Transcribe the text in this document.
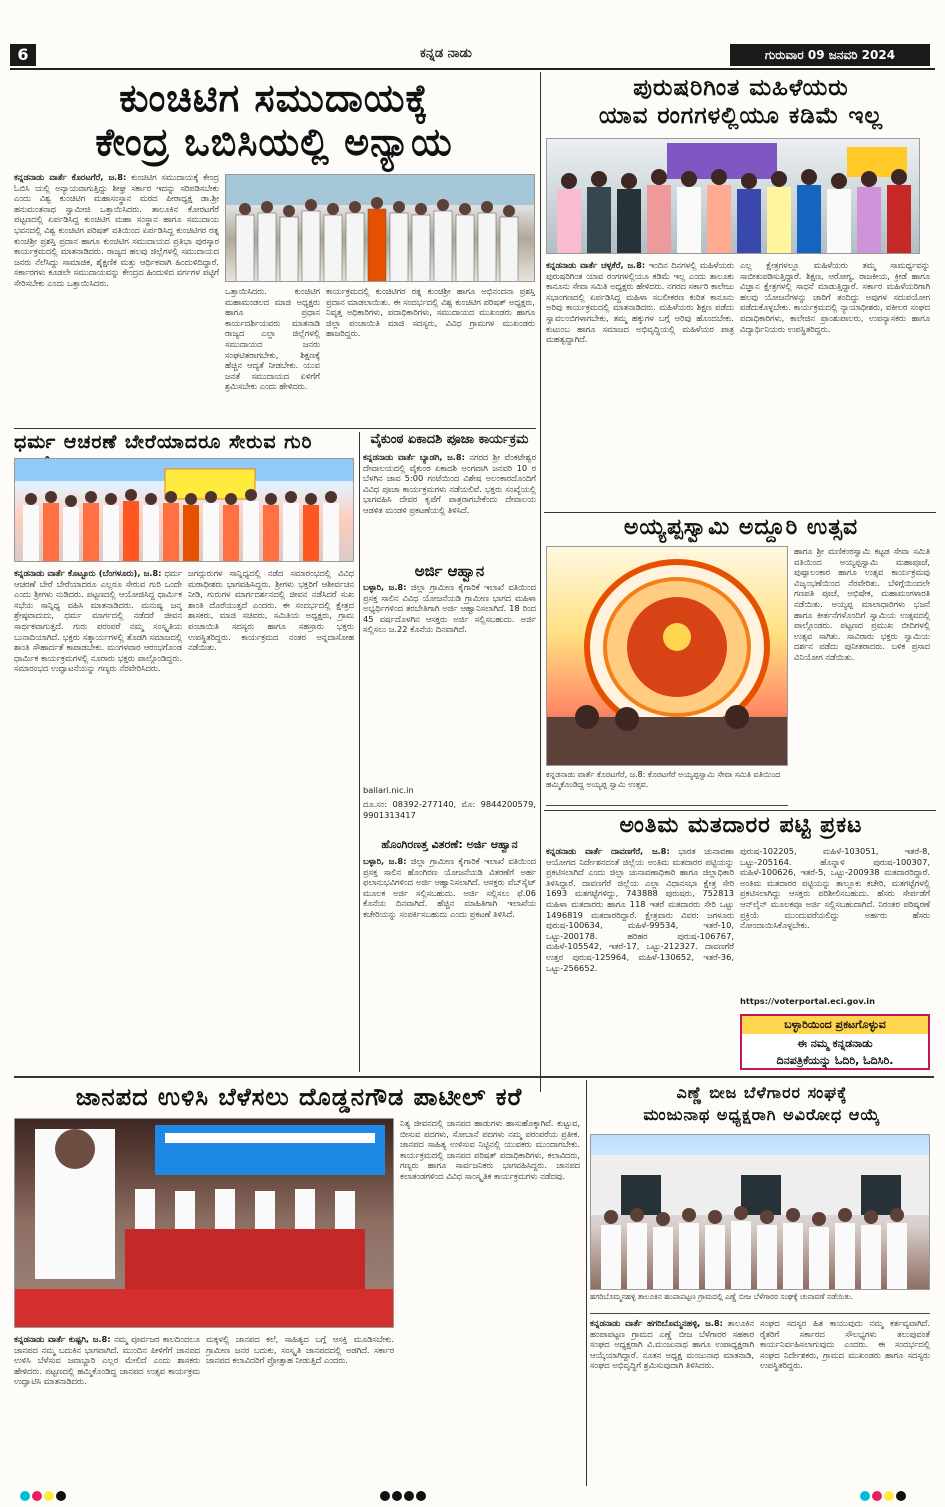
6	ಕನ್ನಡ ನಾಡು	ಗುರುವಾರ 09 ಜನವರಿ 2024
ಕುಂಚಿಟಿಗ ಸಮುದಾಯಕ್ಕೆ
ಕೇಂದ್ರ ಒಬಿಸಿಯಲ್ಲಿ ಅನ್ಯಾಯ
ಕನ್ನಡನಾಡು ವಾರ್ತೆ ಕೊರಟಗೆರೆ, ಜ.8: ಕುಂಚಿಟಿಗ ಸಮುದಾಯಕ್ಕೆ ಕೇಂದ್ರ ಓಬಿಸಿ ಯಲ್ಲಿ ಅನ್ಯಾಯವಾಗುತ್ತಿದ್ದು ಶೀಘ್ರ ಸರ್ಕಾರ ಇದನ್ನು ಸರಿಪಡಿಸಬೇಕು ಎಂದು ವಿಶ್ವ ಕುಂಚಿಟಿಗ ಮಹಾಸಂಸ್ಥಾನ ಮಠದ ಪೀಠಾಧ್ಯಕ್ಷ ಡಾ.ಶ್ರೀ ಹನುಮಂತನಾಥ ಸ್ವಾಮೀಜಿ ಒತ್ತಾಯಿಸಿದರು. ತಾಲೂಕಿನ ಕೋರಟಗೆರೆ ಪಟ್ಟಣದಲ್ಲಿ ಏರ್ಪಡಿಸಿದ್ದ ಕುಂಚಿಟಿಗ ಮಹಾ ಸಂಸ್ಥಾನ ಹಾಗೂ ಸಮುದಾಯ ಭವನದಲ್ಲಿ ವಿಶ್ವ ಕುಂಚಿಟಿಗ ಪರಿಷತ್ ವತಿಯಿಂದ ಏರ್ಪಡಿಸಿದ್ದ ಕುಂಚಿಟಿಗರ ರತ್ನ ಕುಂಚಿಶ್ರೀ ಪ್ರಶಸ್ತಿ ಪ್ರದಾನ ಹಾಗೂ ಕುಂಚಿಟಿಗ ಸಮುದಾಯದ ಪ್ರತಿಭಾ ಪುರಸ್ಕಾರ ಕಾರ್ಯಕ್ರಮದಲ್ಲಿ ಮಾತನಾಡಿದರು. ರಾಜ್ಯದ ಹಲವು ಜಿಲ್ಲೆಗಳಲ್ಲಿ ಸಮುದಾಯದ ಜನರು ನೆಲೆಸಿದ್ದು ಸಾಮಾಜಿಕ, ಶೈಕ್ಷಣಿಕ ಮತ್ತು ಆರ್ಥಿಕವಾಗಿ ಹಿಂದುಳಿದಿದ್ದಾರೆ. ಸರ್ಕಾರಗಳು ಕೂಡಲೇ ಸಮುದಾಯವನ್ನು ಕೇಂದ್ರದ ಹಿಂದುಳಿದ ವರ್ಗಗಳ ಪಟ್ಟಿಗೆ ಸೇರಿಸಬೇಕು ಎಂದು ಒತ್ತಾಯಿಸಿದರು.
ಒತ್ತಾಯಿಸಿದರು. ಕುಂಚಿಟಿಗ ಮಹಾಮಂಡಲದ ಮಾಜಿ ಅಧ್ಯಕ್ಷರು ಹಾಗೂ ಪ್ರಧಾನ ಕಾರ್ಯದರ್ಶಿಯವರು ಮಾತನಾಡಿ ರಾಜ್ಯದ ಎಲ್ಲಾ ಜಿಲ್ಲೆಗಳಲ್ಲಿ ಸಮುದಾಯದ ಜನರು ಸಂಘಟಿತರಾಗಬೇಕು, ಶಿಕ್ಷಣಕ್ಕೆ ಹೆಚ್ಚಿನ ಆದ್ಯತೆ ನೀಡಬೇಕು. ಯುವ ಜನತೆ ಸಮುದಾಯದ ಏಳಿಗೆಗೆ ಶ್ರಮಿಸಬೇಕು ಎಂದು ಹೇಳಿದರು.
ಕಾರ್ಯಕ್ರಮದಲ್ಲಿ ಕುಂಚಿಟಿಗರ ರತ್ನ ಕುಂಚಿಶ್ರೀ ಹಾಗೂ ಅಭಿನಂದನಾ ಪ್ರಶಸ್ತಿ ಪ್ರದಾನ ಮಾಡಲಾಯಿತು. ಈ ಸಂದರ್ಭದಲ್ಲಿ ವಿಶ್ವ ಕುಂಚಿಟಿಗ ಪರಿಷತ್ ಅಧ್ಯಕ್ಷರು, ನಿವೃತ್ತ ಅಧಿಕಾರಿಗಳು, ಪದಾಧಿಕಾರಿಗಳು, ಸಮುದಾಯದ ಮುಖಂಡರು ಹಾಗೂ ಜಿಲ್ಲಾ ಪಂಚಾಯಿತಿ ಮಾಜಿ ಸದಸ್ಯರು, ವಿವಿಧ ಗ್ರಾಮಗಳ ಮುಖಂಡರು ಹಾಜರಿದ್ದರು.
ಧರ್ಮ ಆಚರಣೆ ಬೇರೆಯಾದರೂ ಸೇರುವ ಗುರಿ
ಕನ್ನಡನಾಡು ವಾರ್ತೆ ಕೊಟ್ಟೂರು (ಬೆಂಗಳೂರು), ಜ.8: ಧರ್ಮ ಆಚರಣೆ ಬೇರೆ ಬೇರೆಯಾದರೂ ಎಲ್ಲರೂ ಸೇರುವ ಗುರಿ ಒಂದೇ ಎಂದು ಶ್ರೀಗಳು ನುಡಿದರು. ಪಟ್ಟಣದಲ್ಲಿ ಆಯೋಜಿಸಿದ್ದ ಧಾರ್ಮಿಕ ಸಭೆಯ ಸಾನ್ನಿಧ್ಯ ವಹಿಸಿ ಮಾತನಾಡಿದರು. ಮನುಷ್ಯ ಜನ್ಮ ಶ್ರೇಷ್ಠವಾದುದು, ಧರ್ಮ ಮಾರ್ಗದಲ್ಲಿ ನಡೆದರೆ ಜೀವನ ಸಾರ್ಥಕವಾಗುತ್ತದೆ. ಗುರು ಪರಂಪರೆ ನಮ್ಮ ಸಂಸ್ಕೃತಿಯ ಬುನಾದಿಯಾಗಿದೆ. ಭಕ್ತರು ಸತ್ಕಾರ್ಯಗಳಲ್ಲಿ ತೊಡಗಿ ಸಮಾಜದಲ್ಲಿ ಶಾಂತಿ ಸೌಹಾರ್ದತೆ ಕಾಪಾಡಬೇಕು. ಮಂಗಳವಾರ ಆರಂಭಗೊಂಡ ಧಾರ್ಮಿಕ ಕಾರ್ಯಕ್ರಮಗಳಲ್ಲಿ ನೂರಾರು ಭಕ್ತರು ಪಾಲ್ಗೊಂಡಿದ್ದರು. ಸಮಾರಂಭದ ಉದ್ಘಾಟನೆಯನ್ನು ಗಣ್ಯರು ನೆರವೇರಿಸಿದರು.
ಜಗದ್ಗುರುಗಳ ಸಾನ್ನಿಧ್ಯದಲ್ಲಿ ನಡೆದ ಸಮಾರಂಭದಲ್ಲಿ ವಿವಿಧ ಮಠಾಧೀಶರು ಭಾಗವಹಿಸಿದ್ದರು. ಶ್ರೀಗಳು ಭಕ್ತರಿಗೆ ಆಶೀರ್ವಚನ ನೀಡಿ, ಗುರುಗಳ ಮಾರ್ಗದರ್ಶನದಲ್ಲಿ ಜೀವನ ನಡೆಸಿದರೆ ಸುಖ ಶಾಂತಿ ದೊರೆಯುತ್ತದೆ ಎಂದರು. ಈ ಸಂದರ್ಭದಲ್ಲಿ ಕ್ಷೇತ್ರದ ಶಾಸಕರು, ಮಾಜಿ ಸಚಿವರು, ಸಮಿತಿಯ ಅಧ್ಯಕ್ಷರು, ಗ್ರಾಮ ಪಂಚಾಯಿತಿ ಸದಸ್ಯರು ಹಾಗೂ ಸಹಸ್ರಾರು ಭಕ್ತರು ಉಪಸ್ಥಿತರಿದ್ದರು. ಕಾರ್ಯಕ್ರಮದ ನಂತರ ಅನ್ನದಾಸೋಹ ನಡೆಯಿತು.
ವೈಕುಂಠ ಏಕಾದಶಿ ಪೂಜಾ ಕಾರ್ಯಕ್ರಮ
ಕನ್ನಡನಾಡು ವಾರ್ತೆ ಬ್ಯಾಡಗಿ, ಜ.8: ನಗರದ ಶ್ರೀ ವೆಂಕಟೇಶ್ವರ ದೇವಾಲಯದಲ್ಲಿ ವೈಕುಂಠ ಏಕಾದಶಿ ಅಂಗವಾಗಿ ಜನವರಿ 10 ರ ಬೆಳಗಿನ ಜಾವ 5:00 ಗಂಟೆಯಿಂದ ವಿಶೇಷ ಅಲಂಕಾರದೊಂದಿಗೆ ವಿವಿಧ ಪೂಜಾ ಕಾರ್ಯಕ್ರಮಗಳು ನಡೆಯಲಿವೆ. ಭಕ್ತರು ಸಂಖ್ಯೆಯಲ್ಲಿ ಭಾಗವಹಿಸಿ ದೇವರ ಕೃಪೆಗೆ ಪಾತ್ರರಾಗಬೇಕೆಂದು ದೇವಾಲಯ ಆಡಳಿತ ಮಂಡಳಿ ಪ್ರಕಟಣೆಯಲ್ಲಿ ತಿಳಿಸಿದೆ.
ಅರ್ಜಿ ಆಹ್ವಾನ
ಬಳ್ಳಾರಿ, ಜ.8: ಜಿಲ್ಲಾ ಗ್ರಾಮೀಣ ಕೈಗಾರಿಕೆ ಇಲಾಖೆ ವತಿಯಿಂದ ಪ್ರಸಕ್ತ ಸಾಲಿನ ವಿವಿಧ ಯೋಜನೆಯಡಿ ಗ್ರಾಮೀಣ ಭಾಗದ ಮಹಿಳಾ ಅಭ್ಯರ್ಥಿಗಳಿಂದ ತರಬೇತಿಗಾಗಿ ಅರ್ಜಿ ಆಹ್ವಾನಿಸಲಾಗಿದೆ. 18 ರಿಂದ 45 ವರ್ಷದೊಳಗಿನ ಆಸಕ್ತರು ಅರ್ಜಿ ಸಲ್ಲಿಸಬಹುದು. ಅರ್ಜಿ ಸಲ್ಲಿಸಲು ಜ.22 ಕೊನೆಯ ದಿನವಾಗಿದೆ.
ballari.nic.in
ದೂ.ಸಂ: 08392-277140, ಮೊ: 9844200579, 9901313417
ಹೊಂಗಿರಣತ್ತ ವಿತರಣೆ: ಅರ್ಜಿ ಆಹ್ವಾನ
ಬಳ್ಳಾರಿ, ಜ.8: ಜಿಲ್ಲಾ ಗ್ರಾಮೀಣ ಕೈಗಾರಿಕೆ ಇಲಾಖೆ ವತಿಯಿಂದ ಪ್ರಸಕ್ತ ಸಾಲಿನ ಹೊಂಗಿರಣ ಯೋಜನೆಯಡಿ ವಿತರಣೆಗೆ ಅರ್ಹ ಫಲಾನುಭವಿಗಳಿಂದ ಅರ್ಜಿ ಆಹ್ವಾನಿಸಲಾಗಿದೆ. ಆಸಕ್ತರು ವೆಬ್‌ಸೈಟ್ ಮೂಲಕ ಅರ್ಜಿ ಸಲ್ಲಿಸಬಹುದು. ಅರ್ಜಿ ಸಲ್ಲಿಸಲು ಫೆ.06 ಕೊನೆಯ ದಿನವಾಗಿದೆ. ಹೆಚ್ಚಿನ ಮಾಹಿತಿಗಾಗಿ ಇಲಾಖೆಯ ಕಚೇರಿಯನ್ನು ಸಂಪರ್ಕಿಸಬಹುದು ಎಂದು ಪ್ರಕಟಣೆ ತಿಳಿಸಿದೆ.
ಪುರುಷರಿಗಿಂತ ಮಹಿಳೆಯರು
ಯಾವ ರಂಗಗಳಲ್ಲಿಯೂ ಕಡಿಮೆ ಇಲ್ಲ
ಕನ್ನಡನಾಡು ವಾರ್ತೆ ಚಳ್ಳಕೆರೆ, ಜ.8: ಇಂದಿನ ದಿನಗಳಲ್ಲಿ ಮಹಿಳೆಯರು ಪುರುಷರಿಗಿಂತ ಯಾವ ರಂಗಗಳಲ್ಲಿಯೂ ಕಡಿಮೆ ಇಲ್ಲ ಎಂದು ತಾಲೂಕು ಕಾನೂನು ಸೇವಾ ಸಮಿತಿ ಅಧ್ಯಕ್ಷರು ಹೇಳಿದರು. ನಗರದ ಸರ್ಕಾರಿ ಕಾಲೇಜು ಸಭಾಂಗಣದಲ್ಲಿ ಏರ್ಪಡಿಸಿದ್ದ ಮಹಿಳಾ ಸಬಲೀಕರಣ ಕುರಿತ ಕಾನೂನು ಅರಿವು ಕಾರ್ಯಕ್ರಮದಲ್ಲಿ ಮಾತನಾಡಿದರು. ಮಹಿಳೆಯರು ಶಿಕ್ಷಣ ಪಡೆದು ಸ್ವಾವಲಂಬಿಗಳಾಗಬೇಕು, ತಮ್ಮ ಹಕ್ಕುಗಳ ಬಗ್ಗೆ ಅರಿವು ಹೊಂದಬೇಕು. ಕುಟುಂಬ ಹಾಗೂ ಸಮಾಜದ ಅಭಿವೃದ್ಧಿಯಲ್ಲಿ ಮಹಿಳೆಯರ ಪಾತ್ರ ಮಹತ್ವದ್ದಾಗಿದೆ.
ಎಲ್ಲ ಕ್ಷೇತ್ರಗಳಲ್ಲೂ ಮಹಿಳೆಯರು ತಮ್ಮ ಸಾಮರ್ಥ್ಯವನ್ನು ಸಾಬೀತುಪಡಿಸುತ್ತಿದ್ದಾರೆ. ಶಿಕ್ಷಣ, ಆರೋಗ್ಯ, ರಾಜಕೀಯ, ಕ್ರೀಡೆ ಹಾಗೂ ವಿಜ್ಞಾನ ಕ್ಷೇತ್ರಗಳಲ್ಲಿ ಸಾಧನೆ ಮಾಡುತ್ತಿದ್ದಾರೆ. ಸರ್ಕಾರ ಮಹಿಳೆಯರಿಗಾಗಿ ಹಲವು ಯೋಜನೆಗಳನ್ನು ಜಾರಿಗೆ ತಂದಿದ್ದು ಅವುಗಳ ಸದುಪಯೋಗ ಪಡೆದುಕೊಳ್ಳಬೇಕು. ಕಾರ್ಯಕ್ರಮದಲ್ಲಿ ನ್ಯಾಯಾಧೀಶರು, ವಕೀಲರ ಸಂಘದ ಪದಾಧಿಕಾರಿಗಳು, ಕಾಲೇಜಿನ ಪ್ರಾಂಶುಪಾಲರು, ಉಪನ್ಯಾಸಕರು ಹಾಗೂ ವಿದ್ಯಾರ್ಥಿನಿಯರು ಉಪಸ್ಥಿತರಿದ್ದರು.
ಅಯ್ಯಪ್ಪಸ್ವಾಮಿ ಅದ್ದೂರಿ ಉತ್ಸವ
ಕನ್ನಡನಾಡು ವಾರ್ತೆ ಕೊರಟಗೆರೆ, ಜ.8: ಕೊರಟಗೆರೆ ಅಯ್ಯಪ್ಪಸ್ವಾಮಿ ಸೇವಾ ಸಮಿತಿ ವತಿಯಿಂದ ಹಮ್ಮಿಕೊಂಡಿದ್ದ ಅಯ್ಯಪ್ಪ ಸ್ವಾಮಿ ಉತ್ಸವ.
ಹಾಗೂ ಶ್ರೀ ಮಣಿಕಂಠಸ್ವಾಮಿ ಕಟ್ಟಡ ಸೇವಾ ಸಮಿತಿ ವತಿಯಿಂದ ಅಯ್ಯಪ್ಪಸ್ವಾಮಿ ಮಹಾಪೂಜೆ, ಪುಷ್ಪಾಲಂಕಾರ ಹಾಗೂ ಉತ್ಸವ ಕಾರ್ಯಕ್ರಮವು ವಿಜೃಂಭಣೆಯಿಂದ ನೆರವೇರಿತು. ಬೆಳಿಗ್ಗೆಯಿಂದಲೇ ಗಣಪತಿ ಪೂಜೆ, ಅಭಿಷೇಕ, ಮಹಾಮಂಗಳಾರತಿ ನಡೆಯಿತು. ಅಯ್ಯಪ್ಪ ಮಾಲಾಧಾರಿಗಳು ಭಜನೆ ಹಾಗೂ ಕೀರ್ತನೆಗಳೊಂದಿಗೆ ಸ್ವಾಮಿಯ ಉತ್ಸವದಲ್ಲಿ ಪಾಲ್ಗೊಂಡರು. ಪಟ್ಟಣದ ಪ್ರಮುಖ ಬೀದಿಗಳಲ್ಲಿ ಉತ್ಸವ ಸಾಗಿತು. ಸಾವಿರಾರು ಭಕ್ತರು ಸ್ವಾಮಿಯ ದರ್ಶನ ಪಡೆದು ಪುನೀತರಾದರು. ಬಳಿಕ ಪ್ರಸಾದ ವಿನಿಯೋಗ ನಡೆಯಿತು.
ಅಂತಿಮ ಮತದಾರರ ಪಟ್ಟಿ ಪ್ರಕಟ
ಕನ್ನಡನಾಡು ವಾರ್ತೆ ದಾವಣಗೆರೆ, ಜ.8: ಭಾರತ ಚುನಾವಣಾ ಆಯೋಗದ ನಿರ್ದೇಶನದಂತೆ ಜಿಲ್ಲೆಯ ಅಂತಿಮ ಮತದಾರರ ಪಟ್ಟಿಯನ್ನು ಪ್ರಕಟಿಸಲಾಗಿದೆ ಎಂದು ಜಿಲ್ಲಾ ಚುನಾವಣಾಧಿಕಾರಿ ಹಾಗೂ ಜಿಲ್ಲಾಧಿಕಾರಿ ತಿಳಿಸಿದ್ದಾರೆ. ದಾವಣಗೆರೆ ಜಿಲ್ಲೆಯ ಎಲ್ಲಾ ವಿಧಾನಸಭಾ ಕ್ಷೇತ್ರ ಸೇರಿ 1693 ಮತಗಟ್ಟೆಗಳಿದ್ದು, 743888 ಪುರುಷರು, 752813 ಮಹಿಳಾ ಮತದಾರರು ಹಾಗೂ 118 ಇತರೆ ಮತದಾರರು ಸೇರಿ ಒಟ್ಟು 1496819 ಮತದಾರರಿದ್ದಾರೆ. ಕ್ಷೇತ್ರವಾರು ವಿವರ: ಜಗಳೂರು ಪುರುಷ-100634, ಮಹಿಳೆ-99534, ಇತರೆ-10, ಒಟ್ಟು-200178. ಹರಿಹರ ಪುರುಷ-106767, ಮಹಿಳೆ-105542, ಇತರೆ-17, ಒಟ್ಟು-212327. ದಾವಣಗೆರೆ ಉತ್ತರ ಪುರುಷ-125964, ಮಹಿಳೆ-130652, ಇತರೆ-36, ಒಟ್ಟು-256652.
ಪುರುಷ-102205, ಮಹಿಳೆ-103051, ಇತರೆ-8, ಒಟ್ಟು-205164. ಹೊನ್ನಾಳಿ ಪುರುಷ-100307, ಮಹಿಳೆ-100626, ಇತರೆ-5, ಒಟ್ಟು-200938 ಮತದಾರರಿದ್ದಾರೆ. ಅಂತಿಮ ಮತದಾರರ ಪಟ್ಟಿಯನ್ನು ತಾಲ್ಲೂಕು ಕಚೇರಿ, ಮತಗಟ್ಟೆಗಳಲ್ಲಿ ಪ್ರಕಟಿಸಲಾಗಿದ್ದು ಆಸಕ್ತರು ಪರಿಶೀಲಿಸಬಹುದು. ಹೆಸರು ಸೇರ್ಪಡೆಗೆ ಆನ್‌ಲೈನ್ ಮೂಲಕವೂ ಅರ್ಜಿ ಸಲ್ಲಿಸಬಹುದಾಗಿದೆ. ನಿರಂತರ ಪರಿಷ್ಕರಣೆ ಪ್ರಕ್ರಿಯೆ ಮುಂದುವರೆಯಲಿದ್ದು ಅರ್ಹರು ಹೆಸರು ನೋಂದಾಯಿಸಿಕೊಳ್ಳಬೇಕು.
https://voterportal.eci.gov.in
ಬಳ್ಳಾರಿಯಿಂದ ಪ್ರಕಟಗೊಳ್ಳುವ
ಈ ನಮ್ಮ ಕನ್ನಡನಾಡು
ದಿನಪತ್ರಿಕೆಯನ್ನು ಓದಿರಿ, ಓದಿಸಿರಿ.
ಜಾನಪದ ಉಳಿಸಿ ಬೆಳೆಸಲು ದೊಡ್ಡನಗೌಡ ಪಾಟೀಲ್ ಕರೆ
ಕನ್ನಡನಾಡು ವಾರ್ತೆ ಕುಷ್ಟಗಿ, ಜ.8: ನಮ್ಮ ಪೂರ್ವಜರ ಕಾಲದಿಂದಲೂ ಜಾನಪದ ನಮ್ಮ ಬದುಕಿನ ಭಾಗವಾಗಿದೆ. ಮುಂದಿನ ಪೀಳಿಗೆಗೆ ಜಾನಪದ ಉಳಿಸಿ ಬೆಳೆಸುವ ಜವಾಬ್ದಾರಿ ಎಲ್ಲರ ಮೇಲಿದೆ ಎಂದು ಶಾಸಕರು ಹೇಳಿದರು. ಪಟ್ಟಣದಲ್ಲಿ ಹಮ್ಮಿಕೊಂಡಿದ್ದ ಜಾನಪದ ಉತ್ಸವ ಕಾರ್ಯಕ್ರಮ ಉದ್ಘಾಟಿಸಿ ಮಾತನಾಡಿದರು.
ಮಕ್ಕಳಲ್ಲಿ ಜಾನಪದ ಕಲೆ, ಸಾಹಿತ್ಯದ ಬಗ್ಗೆ ಆಸಕ್ತಿ ಮೂಡಿಸಬೇಕು. ಗ್ರಾಮೀಣ ಜನರ ಬದುಕು, ಸಂಸ್ಕೃತಿ ಜಾನಪದದಲ್ಲಿ ಅಡಗಿದೆ. ಸರ್ಕಾರ ಜಾನಪದ ಕಲಾವಿದರಿಗೆ ಪ್ರೋತ್ಸಾಹ ನೀಡುತ್ತಿದೆ ಎಂದರು.
ನಿತ್ಯ ಜೀವನದಲ್ಲಿ ಜಾನಪದ ಹಾಡುಗಳು ಹಾಸುಹೊಕ್ಕಾಗಿವೆ. ಕುಟ್ಟುವ, ಬೀಸುವ ಪದಗಳು, ಸೋಬಾನೆ ಪದಗಳು ನಮ್ಮ ಪರಂಪರೆಯ ಪ್ರತೀಕ. ಜಾನಪದ ಸಾಹಿತ್ಯ ಉಳಿಸುವ ನಿಟ್ಟಿನಲ್ಲಿ ಯುವಕರು ಮುಂದಾಗಬೇಕು. ಕಾರ್ಯಕ್ರಮದಲ್ಲಿ ಜಾನಪದ ಪರಿಷತ್ ಪದಾಧಿಕಾರಿಗಳು, ಕಲಾವಿದರು, ಗಣ್ಯರು ಹಾಗೂ ಸಾರ್ವಜನಿಕರು ಭಾಗವಹಿಸಿದ್ದರು. ಜಾನಪದ ಕಲಾತಂಡಗಳಿಂದ ವಿವಿಧ ಸಾಂಸ್ಕೃತಿಕ ಕಾರ್ಯಕ್ರಮಗಳು ನಡೆದವು.
ಎಣ್ಣೆ ಬೀಜ ಬೆಳೆಗಾರರ ಸಂಘಕ್ಕೆ
ಮಂಜುನಾಥ ಅಧ್ಯಕ್ಷರಾಗಿ ಅವಿರೋಧ ಆಯ್ಕೆ
ಹಗರಿಬೊಮ್ಮನಹಳ್ಳಿ ತಾಲೂಕಿನ ಹಂಪಾಪಟ್ಟಣ ಗ್ರಾಮದಲ್ಲಿ ಎಣ್ಣೆ ಬೀಜ ಬೆಳೆಗಾರರ ಸಂಘಕ್ಕೆ ಚುನಾವಣೆ ನಡೆಯಿತು.
ಕನ್ನಡನಾಡು ವಾರ್ತೆ ಹಗರಿಬೊಮ್ಮನಹಳ್ಳಿ, ಜ.8: ತಾಲೂಕಿನ ಹಂಪಾಪಟ್ಟಣ ಗ್ರಾಮದ ಎಣ್ಣೆ ಬೀಜ ಬೆಳೆಗಾರರ ಸಹಕಾರ ಸಂಘದ ಅಧ್ಯಕ್ಷರಾಗಿ ವಿ.ಮಂಜುನಾಥ ಹಾಗೂ ಉಪಾಧ್ಯಕ್ಷರಾಗಿ ಆಯ್ಕೆಯಾಗಿದ್ದಾರೆ. ನೂತನ ಅಧ್ಯಕ್ಷ ಮಂಜುನಾಥ ಮಾತನಾಡಿ, ಸಂಘದ ಅಭಿವೃದ್ಧಿಗೆ ಶ್ರಮಿಸುವುದಾಗಿ ತಿಳಿಸಿದರು.
ಸಂಘದ ಸದಸ್ಯರ ಹಿತ ಕಾಯುವುದು ನಮ್ಮ ಕರ್ತವ್ಯವಾಗಿದೆ. ರೈತರಿಗೆ ಸರ್ಕಾರದ ಸೌಲಭ್ಯಗಳು ತಲುಪುವಂತೆ ಕಾರ್ಯನಿರ್ವಹಿಸಲಾಗುವುದು ಎಂದರು. ಈ ಸಂದರ್ಭದಲ್ಲಿ ಸಂಘದ ನಿರ್ದೇಶಕರು, ಗ್ರಾಮದ ಮುಖಂಡರು ಹಾಗೂ ಸದಸ್ಯರು ಉಪಸ್ಥಿತರಿದ್ದರು.
